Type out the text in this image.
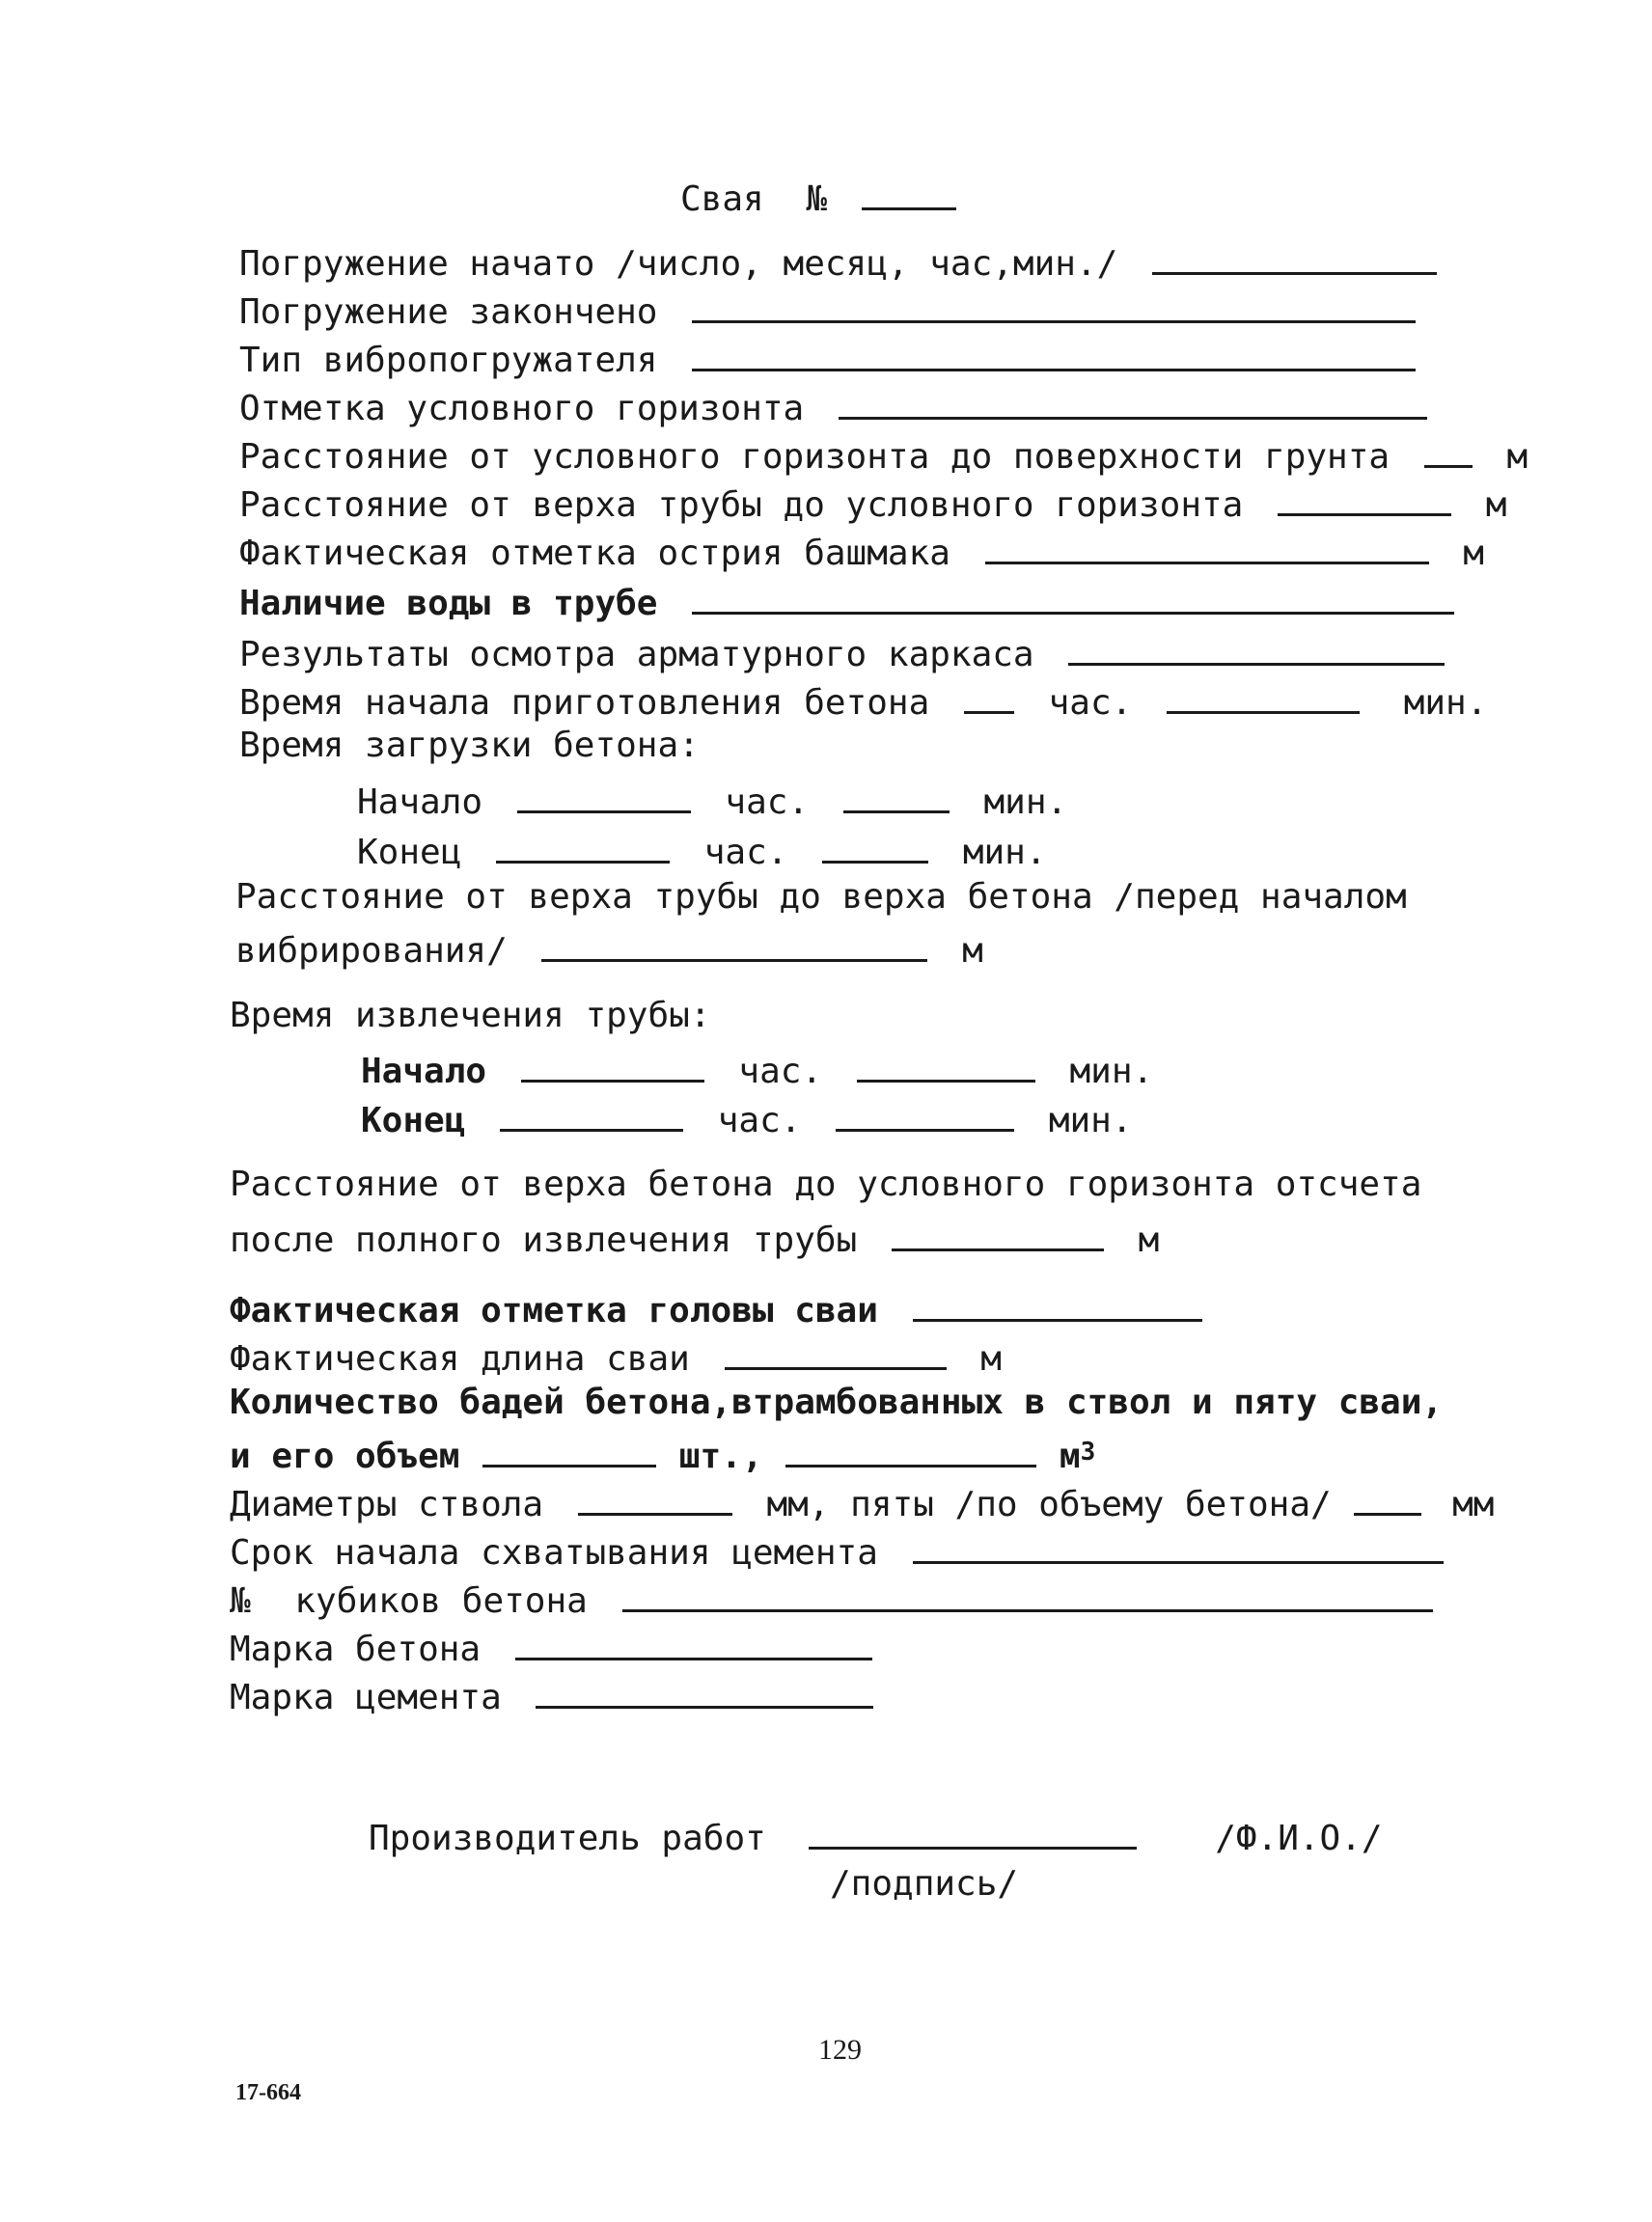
Свая №
Погружение начато /число, месяц, час,мин./
Погружение закончено
Тип вибропогружателя
Отметка условного горизонта
Расстояние от условного горизонта до поверхности грунта	м
Расстояние от верха трубы до условного горизонта	м
Фактическая отметка острия башмака	м
Наличие воды в трубе
Результаты осмотра арматурного каркаса
Время начала приготовления бетона	час.	мин.
Время загрузки бетона:
Начало	час.	мин.
Конец	час.	мин.
Расстояние от верха трубы до верха бетона /перед началом
вибрирования/	м
Время извлечения трубы:
Начало	час.	мин.
Конец	час.	мин.
Расстояние от верха бетона до условного горизонта отсчета
после полного извлечения трубы	м
Фактическая отметка головы сваи
Фактическая длина сваи	м
Количество бадей бетона,втрамбованных в ствол и пяту сваи,
и его объем	шт.,	$м^3$
Диаметры ствола	мм, пяты /по объему бетона/	мм
Срок начала схватывания цемента
№ кубиков бетона
Марка бетона
Марка цемента
Производитель работ	/Ф.И.О./
/подпись/
129
17-664
